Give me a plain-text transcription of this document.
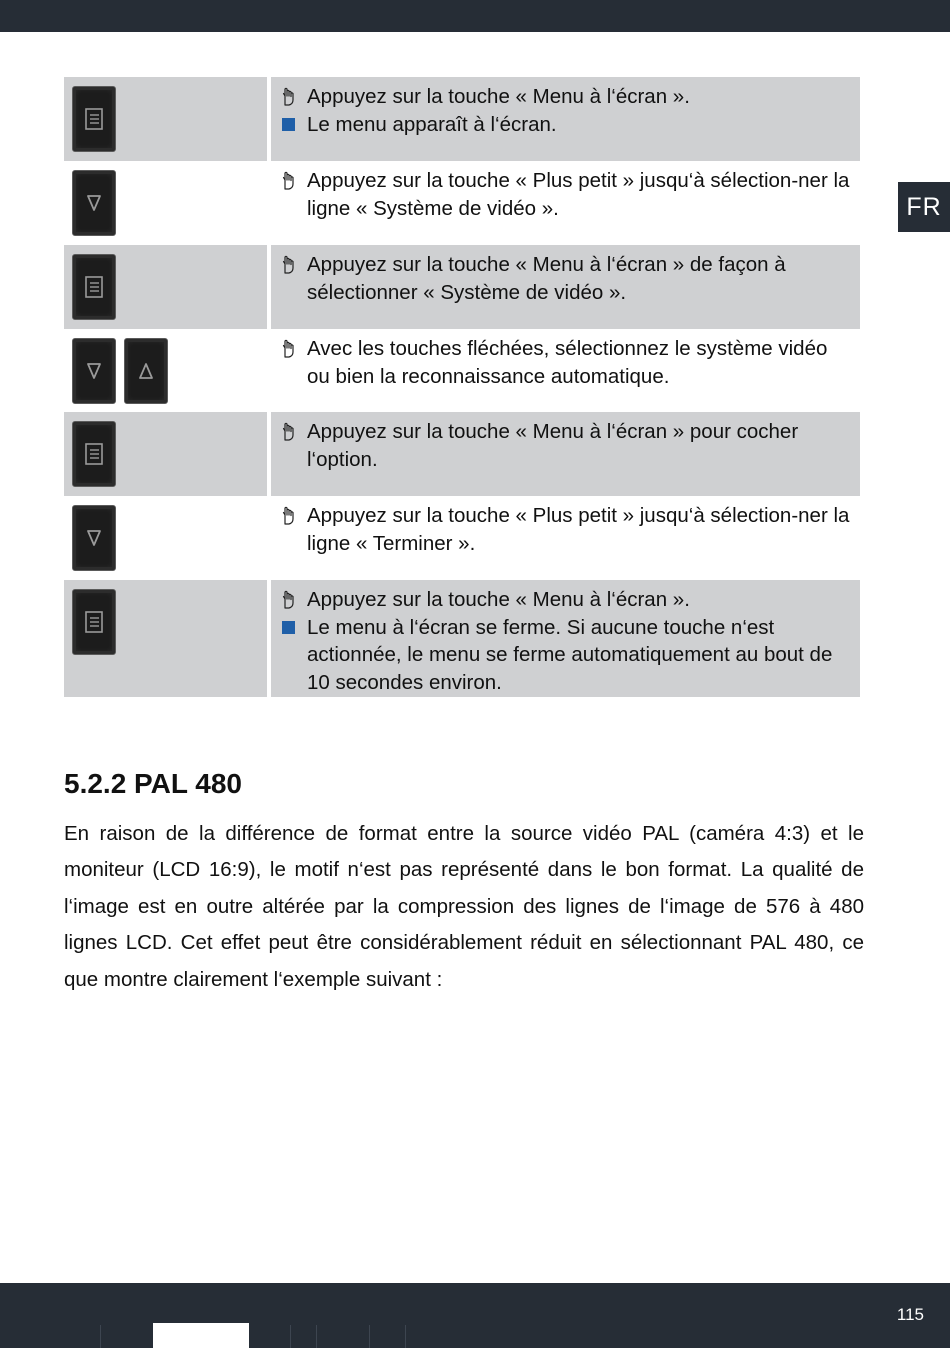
FR
Appuyez sur la touche « Menu à l‘écran ».
Le menu apparaît à l‘écran.
Appuyez sur la touche « Plus petit » jusqu‘à sélection-ner la ligne « Système de vidéo ».
Appuyez sur la touche « Menu à l‘écran » de façon à sélectionner « Système de vidéo ».
Avec les touches fléchées, sélectionnez le système vidéo ou bien la reconnaissance automatique.
Appuyez sur la touche « Menu à l‘écran » pour cocher l‘option.
Appuyez sur la touche « Plus petit » jusqu‘à sélection-ner la ligne « Terminer ».
Appuyez sur la touche « Menu à l‘écran ».
Le menu à l‘écran se ferme. Si aucune touche n‘est actionnée, le menu se ferme automatiquement au bout de 10 secondes environ.
5.2.2 PAL 480

En raison de la différence de format entre la source vidéo PAL (caméra 4:3) et le moniteur (LCD 16:9), le motif n‘est pas représenté dans le bon format. La qualité de l‘image est en outre altérée par la compression des lignes de l‘image de 576 à 480 lignes LCD. Cet effet peut être considérablement réduit en sélectionnant PAL 480, ce que montre clairement l‘exemple suivant :

115
